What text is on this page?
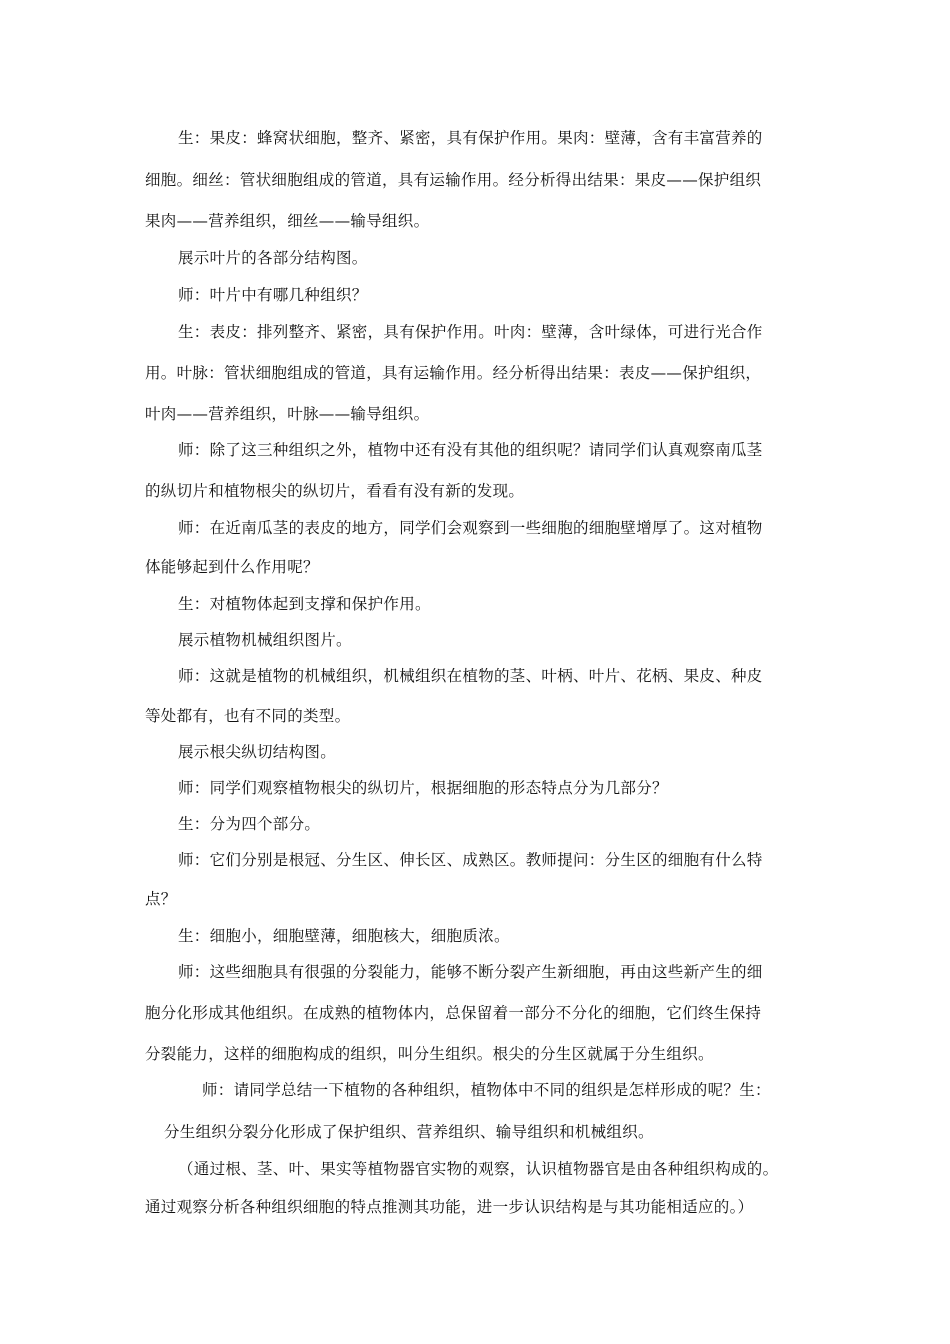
生：果皮：蜂窝状细胞，整齐、紧密，具有保护作用。果肉：壁薄，含有丰富营养的

细胞。细丝：管状细胞组成的管道，具有运输作用。经分析得出结果：果皮——保护组织

果肉——营养组织，细丝——输导组织。

展示叶片的各部分结构图。

师：叶片中有哪几种组织？

生：表皮：排列整齐、紧密，具有保护作用。叶肉：壁薄，含叶绿体，可进行光合作

用。叶脉：管状细胞组成的管道，具有运输作用。经分析得出结果：表皮——保护组织，

叶肉——营养组织，叶脉——输导组织。

师：除了这三种组织之外，植物中还有没有其他的组织呢？请同学们认真观察南瓜茎

的纵切片和植物根尖的纵切片，看看有没有新的发现。

师：在近南瓜茎的表皮的地方，同学们会观察到一些细胞的细胞壁增厚了。这对植物

体能够起到什么作用呢？

生：对植物体起到支撑和保护作用。

展示植物机械组织图片。

师：这就是植物的机械组织，机械组织在植物的茎、叶柄、叶片、花柄、果皮、种皮

等处都有，也有不同的类型。

展示根尖纵切结构图。

师：同学们观察植物根尖的纵切片，根据细胞的形态特点分为几部分？

生：分为四个部分。

师：它们分别是根冠、分生区、伸长区、成熟区。教师提问：分生区的细胞有什么特

点？

生：细胞小，细胞壁薄，细胞核大，细胞质浓。

师：这些细胞具有很强的分裂能力，能够不断分裂产生新细胞，再由这些新产生的细

胞分化形成其他组织。在成熟的植物体内，总保留着一部分不分化的细胞，它们终生保持

分裂能力，这样的细胞构成的组织，叫分生组织。根尖的分生区就属于分生组织。

师：请同学总结一下植物的各种组织，植物体中不同的组织是怎样形成的呢？生：

分生组织分裂分化形成了保护组织、营养组织、输导组织和机械组织。

（通过根、茎、叶、果实等植物器官实物的观察，认识植物器官是由各种组织构成的。

通过观察分析各种组织细胞的特点推测其功能，进一步认识结构是与其功能相适应的。）
